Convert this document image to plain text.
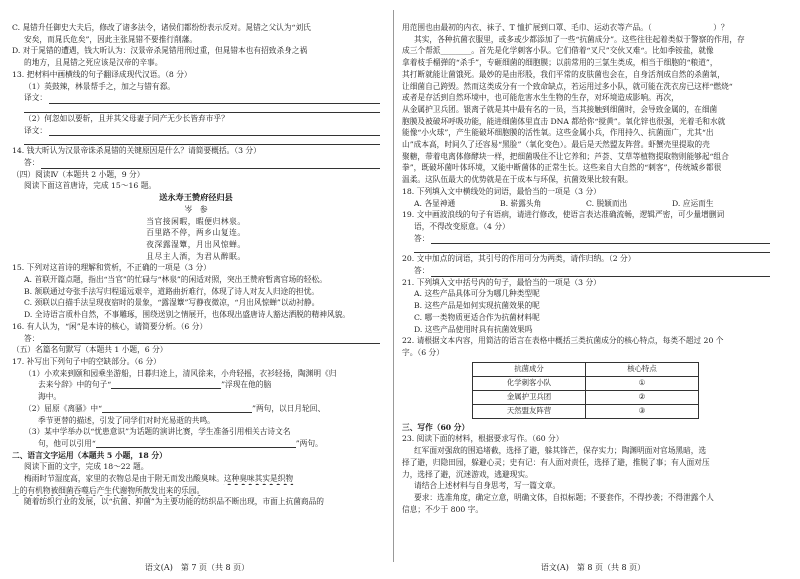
C. 晁错升任御史大夫后，修改了诸多法令，诸侯们都纷纷表示反对。晁错之父认为“刘氏
安矣，而晁氏危矣”，因此主张晁错不要推行削藩。
D. 对于晁错的遭遇，钱大昕认为：汉景帝杀晁错用刑过重，但晁错本也有招致杀身之祸
的地方，且晁错之死应该是汉帝的辛事。
13. 把材料中画横线的句子翻译成现代汉语。（8 分）
（1）英鼓辣，林景帮手之，加之与错有郄。
译文：
（2）何忽如以要斩，且并其父母妻子同产无少长皆弃市乎？
译文：
14. 钱大昕认为汉景帝诛杀晁错的关键原因是什么？请简要概括。（3 分）
答：
（四）阅读Ⅳ（本题共 2 小题，9 分）
阅读下面这首唐诗，完成 15～16 题。
送永寿王赞府径归县
岑　参
当官接闲暇，暇便归林泉。
百里路不停，两乡山复连。
夜深露湿簟，月出风惊蝉。
且尽主人酒，为君从醉眠。
15. 下列对这首诗的理解和赏析，不正确的一项是（3 分）
A. 首联开篇点题，指出“当官”的忙碌与“林泉”的闲适对照，突出王赞府暂离官场的轻松。
B. 颔联通过夸张手法写归程遥远艰辛，道路曲折难行，体现了诗人对友人归途的担忧。
C. 颈联以白描手法呈现夜宿时的景象，“露湿簟”写静夜微凉，“月出风惊蝉”以动衬静。
D. 全诗语言质朴自然，不事雕琢，围绕送别之情展开，也体现出盛唐诗人豁达洒脱的精神风貌。
16. 有人认为，“闲”是本诗的核心，请简要分析。（6 分）
答：
（五）名篇名句默写（本题共 1 小题，6 分）
17. 补写出下列句子中的空缺部分。（6 分）
（1）小欢来到颐和园乘坐游船，日暮归途上，清风徐来，小舟轻摇，衣衫轻扬，陶渊明《归
去来兮辞》中的句子“	”浮现在他的脑
海中。
（2）屈原《离骚》中“	”两句，以日月轮回、
季节更替的描述，引发了同学们对时光易逝的共鸣。
（3）某中学举办以“忧患意识”为话题的演讲比赛，学生准备引用相关古诗文名
句，他可以引用“	”两句。
二、语言文字运用（本题共 5 小题，18 分）
阅读下面的文字，完成 18～22 题。
梅雨时节湿度高，家里的衣物总是由于附无而发出酸臭味。这种臭味其实是织物
上的有机物被细菌吞噬后产生代谢物所散发出来的乐园。
随着纺织行业的发展，以“抗菌、抑菌”为主要功能的纺织品不断出现，市面上抗菌商品的
用范围也由最初的内衣、袜子、T 恤扩展到口罩、毛巾、运动衣等产品。（　　　　　　　　）？
其实，各种抗菌衣服里，或多或少都添加了一些“抗菌成分”。这些往往起着类似于警察的作用，存
成三个帮派________。首先是化学刺客小队。它们借着“叉尺”交伙又难“。比如季铵盐，就像
拿着枝手榴弹的“杀手”，专砸细菌的细胞膜；以前常用的三氯生类成，相当于细胞的“粮道”，
其打断就能让菌饿死。最妙的是由形股，我们平常的皮肤菌也会在，自身活剂成自然的杀菌氧，
让细菌自己跨毁。然而这类成分有一个致命缺点，若运用过多小队，就可能在洗衣房已这样“燃烧“
或者是存活到自然环境中，也可能危害水生生物的生存，对环境造成影响。再次，
从金属护卫兵团。银离子就是其中最有名的一员，当其接触到细菌时，会导致金属的，在细菌
胞膜及被破坏呼吸功能，能进细菌体里直击 DNA 都给你“搅黄”。氧化锌也很强，光着毛和水就
能像“小火球”，产生能破坏细胞膜的活性氧。这些金属小兵，作用持久、抗菌面广，尤其“出
山”成本高，时间久了还容易“黑脸”（氧化变色）。最后是天然盟友阵营。虾蟹壳里提取的壳
聚糖，带着电离体修酵块一样，把细菌吸住不让它养和；芦荟、艾草等植物提取物则能够起“组合
拳”，既破坏菌叶体环境，又能中断菌体的正常生长。这些来自大自然的“刺客”，传统城乡都很
温柔。这队伍最大的优势就是在于成本与环保，抗菌效果比较有限。
18. 下列填入文中横线处的词语，最恰当的一项是（3 分）
A. 各显神通	B. 崭露头角	C. 脱颖而出	D. 应运而生
19. 文中画波浪线的句子有语病，请进行修改，使语言表达准确流畅，逻辑严密，可少量增删词
语，不得改变原意。（4 分）
答：
20. 文中加点的词语，其引号的作用可分为两类，请作归纳。（2 分）
答：
21. 下列填入文中括号内的句子，最恰当的一项是（3 分）
A. 这些产品具体可分为哪几种类型呢
B. 这些产品是如何实现抗菌效果的呢
C. 哪一类物质更适合作为抗菌材料呢
D. 这些产品使用时具有抗菌效果吗
22. 请根据文本内容，用简洁的语言在表格中概括三类抗菌成分的核心特点，每类不超过 20 个
字。（6 分）
抗菌成分	核心特点
化学刺客小队	①
金属护卫兵团	②
天然盟友阵营	③
三、写作（60 分）
23. 阅读下面的材料，根据要求写作。（60 分）
红军面对强敌的围追堵截，选择了避，躲其锋芒，保存实力；陶渊明面对官场黑暗，选
择了避，归隐田园，躲避心灵；史有记：有人面对责任，选择了避，推脱了事；有人面对压
力，选择了避，沉迷游戏，逃避现实。
请结合上述材料与自身思考，写一篇文章。
要求：选准角度，确定立意，明确文体，自拟标题；不要套作，不得抄袭；不得泄露个人
信息；不少于 800 字。
语文(A)　第 7 页（共 8 页）	语文(A)　第 8 页（共 8 页）
第7页	第8页
